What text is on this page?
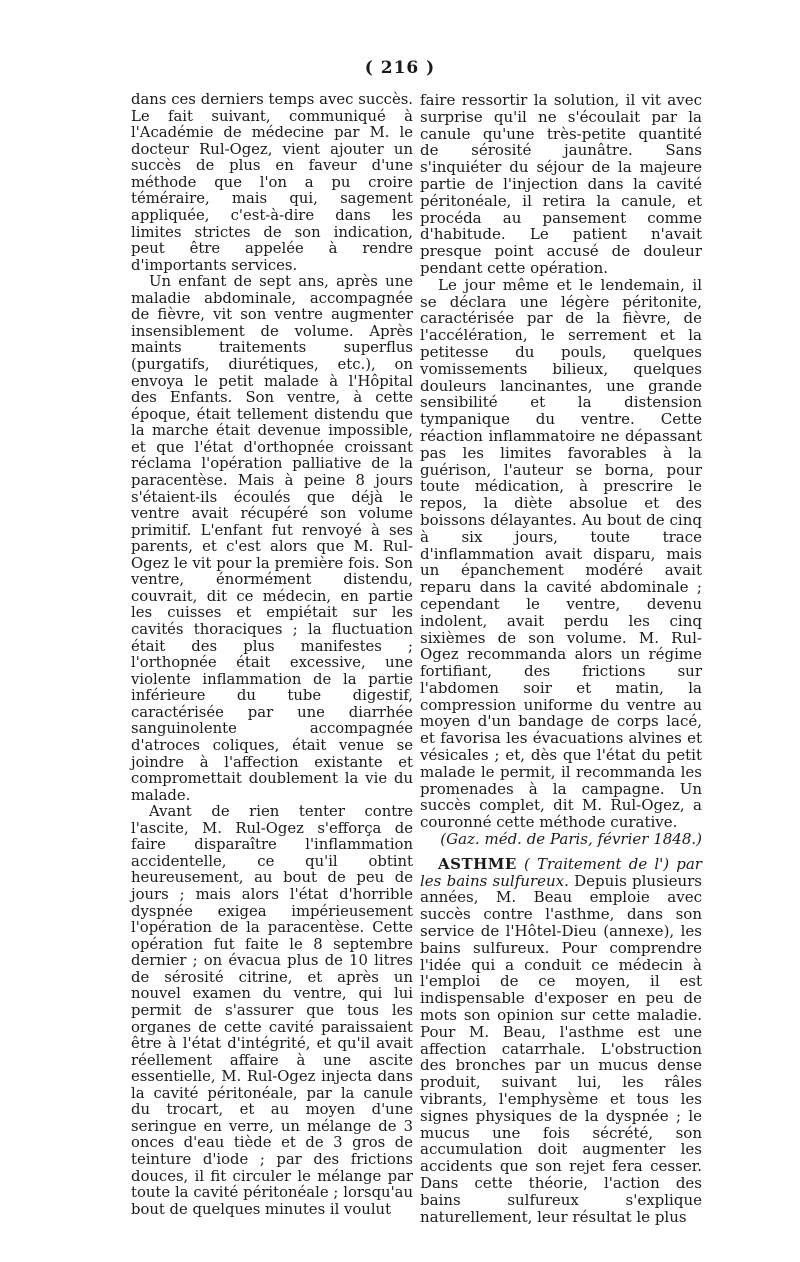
( 216 )

dans ces derniers temps avec succès. Le fait suivant, communiqué à l'Académie de médecine par M. le docteur Rul-Ogez, vient ajouter un succès de plus en faveur d'une méthode que l'on a pu croire téméraire, mais qui, sagement appliquée, c'est-à-dire dans les limites strictes de son indication, peut être appelée à rendre d'importants services.

Un enfant de sept ans, après une maladie abdominale, accompagnée de fièvre, vit son ventre augmenter insensiblement de volume. Après maints traitements superflus (purgatifs, diurétiques, etc.), on envoya le petit malade à l'Hôpital des Enfants. Son ventre, à cette époque, était tellement distendu que la marche était devenue impossible, et que l'état d'orthopnée croissant réclama l'opération palliative de la paracentèse. Mais à peine 8 jours s'étaient-ils écoulés que déjà le ventre avait récupéré son volume primitif. L'enfant fut renvoyé à ses parents, et c'est alors que M. Rul-Ogez le vit pour la première fois. Son ventre, énormément distendu, couvrait, dit ce médecin, en partie les cuisses et empiétait sur les cavités thoraciques ; la fluctuation était des plus manifestes ; l'orthopnée était excessive, une violente inflammation de la partie inférieure du tube digestif, caractérisée par une diarrhée sanguinolente accompagnée d'atroces coliques, était venue se joindre à l'affection existante et compromettait doublement la vie du malade.

Avant de rien tenter contre l'ascite, M. Rul-Ogez s'efforça de faire disparaître l'inflammation accidentelle, ce qu'il obtint heureusement, au bout de peu de jours ; mais alors l'état d'horrible dyspnée exigea impérieusement l'opération de la paracentèse. Cette opération fut faite le 8 septembre dernier ; on évacua plus de 10 litres de sérosité citrine, et après un nouvel examen du ventre, qui lui permit de s'assurer que tous les organes de cette cavité paraissaient être à l'état d'intégrité, et qu'il avait réellement affaire à une ascite essentielle, M. Rul-Ogez injecta dans la cavité péritonéale, par la canule du trocart, et au moyen d'une seringue en verre, un mélange de 3 onces d'eau tiède et de 3 gros de teinture d'iode ; par des frictions douces, il fit circuler le mélange par toute la cavité péritonéale ; lorsqu'au bout de quelques minutes il voulut

faire ressortir la solution, il vit avec surprise qu'il ne s'écoulait par la canule qu'une très-petite quantité de sérosité jaunâtre. Sans s'inquiéter du séjour de la majeure partie de l'injection dans la cavité péritonéale, il retira la canule, et procéda au pansement comme d'habitude. Le patient n'avait presque point accusé de douleur pendant cette opération.

Le jour même et le lendemain, il se déclara une légère péritonite, caractérisée par de la fièvre, de l'accélération, le serrement et la petitesse du pouls, quelques vomissements bilieux, quelques douleurs lancinantes, une grande sensibilité et la distension tympanique du ventre. Cette réaction inflammatoire ne dépassant pas les limites favorables à la guérison, l'auteur se borna, pour toute médication, à prescrire le repos, la diète absolue et des boissons délayantes. Au bout de cinq à six jours, toute trace d'inflammation avait disparu, mais un épanchement modéré avait reparu dans la cavité abdominale ; cependant le ventre, devenu indolent, avait perdu les cinq sixièmes de son volume. M. Rul-Ogez recommanda alors un régime fortifiant, des frictions sur l'abdomen soir et matin, la compression uniforme du ventre au moyen d'un bandage de corps lacé, et favorisa les évacuations alvines et vésicales ; et, dès que l'état du petit malade le permit, il recommanda les promenades à la campagne. Un succès complet, dit M. Rul-Ogez, a couronné cette méthode curative.

(Gaz. méd. de Paris, février 1848.)

ASTHME ( Traitement de l') par les bains sulfureux. Depuis plusieurs années, M. Beau emploie avec succès contre l'asthme, dans son service de l'Hôtel-Dieu (annexe), les bains sulfureux. Pour comprendre l'idée qui a conduit ce médecin à l'emploi de ce moyen, il est indispensable d'exposer en peu de mots son opinion sur cette maladie. Pour M. Beau, l'asthme est une affection catarrhale. L'obstruction des bronches par un mucus dense produit, suivant lui, les râles vibrants, l'emphysème et tous les signes physiques de la dyspnée ; le mucus une fois sécrété, son accumulation doit augmenter les accidents que son rejet fera cesser. Dans cette théorie, l'action des bains sulfureux s'explique naturellement, leur résultat le plus
